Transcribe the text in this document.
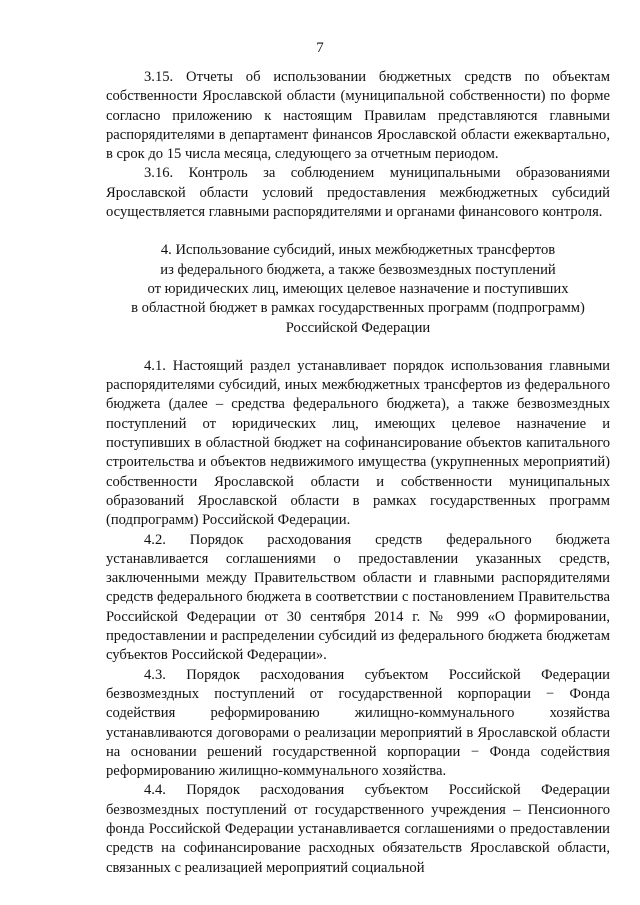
7

3.15. Отчеты об использовании бюджетных средств по объектам собственности Ярославской области (муниципальной собственности) по форме согласно приложению к настоящим Правилам представляются главными распорядителями в департамент финансов Ярославской области ежеквартально, в срок до 15 числа месяца, следующего за отчетным периодом.

3.16. Контроль за соблюдением муниципальными образованиями Ярославской области условий предоставления межбюджетных субсидий осуществляется главными распорядителями и органами финансового контроля.

4. Использование субсидий, иных межбюджетных трансфертов
из федерального бюджета, а также безвозмездных поступлений
от юридических лиц, имеющих целевое назначение и поступивших
в областной бюджет в рамках государственных программ (подпрограмм)
Российской Федерации

4.1. Настоящий раздел устанавливает порядок использования главными распорядителями субсидий, иных межбюджетных трансфертов из федерального бюджета (далее – средства федерального бюджета), а также безвозмездных поступлений от юридических лиц, имеющих целевое назначение и поступивших в областной бюджет на софинансирование объектов капитального строительства и объектов недвижимого имущества (укрупненных мероприятий) собственности Ярославской области и собственности муниципальных образований Ярославской области в рамках государственных программ (подпрограмм) Российской Федерации.

4.2. Порядок расходования средств федерального бюджета устанавливается соглашениями о предоставлении указанных средств, заключенными между Правительством области и главными распорядителями средств федерального бюджета в соответствии с постановлением Правительства Российской Федерации от 30 сентября 2014 г. № 999 «О формировании, предоставлении и распределении субсидий из федерального бюджета бюджетам субъектов Российской Федерации».

4.3. Порядок расходования субъектом Российской Федерации безвозмездных поступлений от государственной корпорации − Фонда содействия реформированию жилищно-коммунального хозяйства устанавливаются договорами о реализации мероприятий в Ярославской области на основании решений государственной корпорации − Фонда содействия реформированию жилищно-коммунального хозяйства.

4.4. Порядок расходования субъектом Российской Федерации безвозмездных поступлений от государственного учреждения – Пенсионного фонда Российской Федерации устанавливается соглашениями о предоставлении средств на софинансирование расходных обязательств Ярославской области, связанных с реализацией мероприятий социальной
